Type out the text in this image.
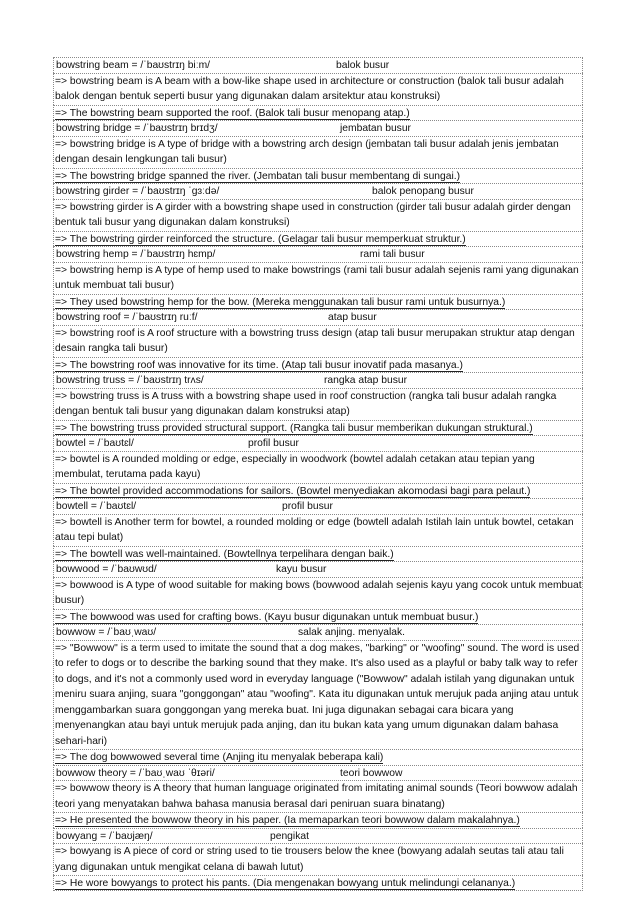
bowstring beam = /ˈbaʊstrɪŋ biːm/	balok busur
=> bowstring beam is A beam with a bow-like shape used in architecture or construction (balok tali busur adalah balok dengan bentuk seperti busur yang digunakan dalam arsitektur atau konstruksi)
=> The bowstring beam supported the roof. (Balok tali busur menopang atap.)
bowstring bridge = /ˈbaʊstrɪŋ brɪdʒ/	jembatan busur
=> bowstring bridge is A type of bridge with a bowstring arch design (jembatan tali busur adalah jenis jembatan dengan desain lengkungan tali busur)
=> The bowstring bridge spanned the river. (Jembatan tali busur membentang di sungai.)
bowstring girder = /ˈbaʊstrɪŋ ˈɡɜːdə/	balok penopang busur
=> bowstring girder is A girder with a bowstring shape used in construction (girder tali busur adalah girder dengan bentuk tali busur yang digunakan dalam konstruksi)
=> The bowstring girder reinforced the structure. (Gelagar tali busur memperkuat struktur.)
bowstring hemp = /ˈbaʊstrɪŋ hɛmp/	rami tali busur
=> bowstring hemp is A type of hemp used to make bowstrings (rami tali busur adalah sejenis rami yang digunakan untuk membuat tali busur)
=> They used bowstring hemp for the bow. (Mereka menggunakan tali busur rami untuk busurnya.)
bowstring roof = /ˈbaʊstrɪŋ ruːf/	atap busur
=> bowstring roof is A roof structure with a bowstring truss design (atap tali busur merupakan struktur atap dengan desain rangka tali busur)
=> The bowstring roof was innovative for its time. (Atap tali busur inovatif pada masanya.)
bowstring truss = /ˈbaʊstrɪŋ trʌs/	rangka atap busur
=> bowstring truss is A truss with a bowstring shape used in roof construction (rangka tali busur adalah rangka dengan bentuk tali busur yang digunakan dalam konstruksi atap)
=> The bowstring truss provided structural support. (Rangka tali busur memberikan dukungan struktural.)
bowtel = /ˈbaʊtɛl/	profil busur
=> bowtel is A rounded molding or edge, especially in woodwork (bowtel adalah cetakan atau tepian yang membulat, terutama pada kayu)
=> The bowtel provided accommodations for sailors. (Bowtel menyediakan akomodasi bagi para pelaut.)
bowtell = /ˈbaʊtɛl/	profil busur
=> bowtell is Another term for bowtel, a rounded molding or edge (bowtell adalah Istilah lain untuk bowtel, cetakan atau tepi bulat)
=> The bowtell was well-maintained. (Bowtellnya terpelihara dengan baik.)
bowwood = /ˈbaʊwʊd/	kayu busur
=> bowwood is A type of wood suitable for making bows (bowwood adalah sejenis kayu yang cocok untuk membuat busur)
=> The bowwood was used for crafting bows. (Kayu busur digunakan untuk membuat busur.)
bowwow = /ˈbaʊˌwaʊ/	salak anjing. menyalak.
=> "Bowwow" is a term used to imitate the sound that a dog makes, "barking" or "woofing" sound. The word is used to refer to dogs or to describe the barking sound that they make. It's also used as a playful or baby talk way to refer to dogs, and it's not a commonly used word in everyday language ("Bowwow" adalah istilah yang digunakan untuk meniru suara anjing, suara "gonggongan" atau "woofing". Kata itu digunakan untuk merujuk pada anjing atau untuk menggambarkan suara gonggongan yang mereka buat. Ini juga digunakan sebagai cara bicara yang menyenangkan atau bayi untuk merujuk pada anjing, dan itu bukan kata yang umum digunakan dalam bahasa sehari-hari)
=> The dog bowwowed several time (Anjing itu menyalak beberapa kali)
bowwow theory = /ˈbaʊˌwaʊ ˈθɪəri/	teori bowwow
=> bowwow theory is A theory that human language originated from imitating animal sounds (Teori bowwow adalah teori yang menyatakan bahwa bahasa manusia berasal dari peniruan suara binatang)
=> He presented the bowwow theory in his paper. (Ia memaparkan teori bowwow dalam makalahnya.)
bowyang = /ˈbaʊjæŋ/	pengikat
=> bowyang is A piece of cord or string used to tie trousers below the knee (bowyang adalah seutas tali atau tali yang digunakan untuk mengikat celana di bawah lutut)
=> He wore bowyangs to protect his pants. (Dia mengenakan bowyang untuk melindungi celananya.)
